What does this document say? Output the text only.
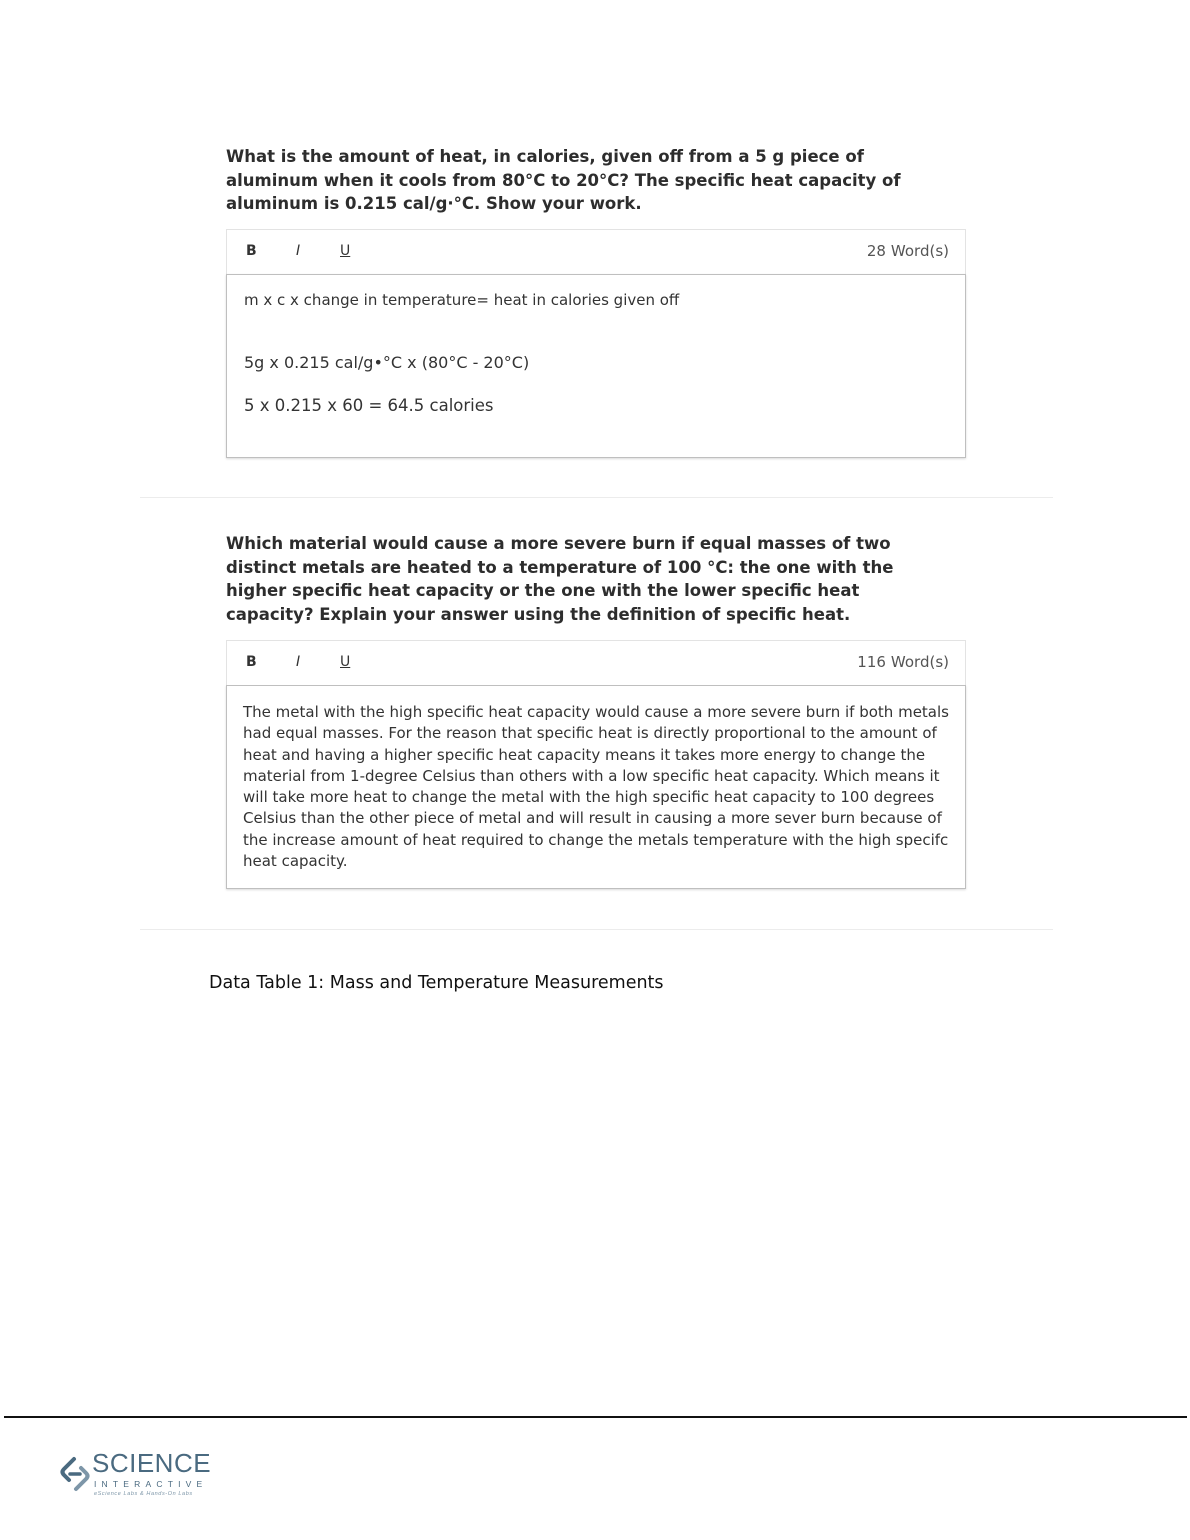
What is the amount of heat, in calories, given off from a 5 g piece of aluminum when it cools from 80°C to 20°C? The specific heat capacity of aluminum is 0.215 cal/g·°C. Show your work.
B	I	U	28 Word(s)
m x c x change in temperature= heat in calories given off
5g x 0.215 cal/g•°C x (80°C - 20°C)
5 x 0.215 x 60 = 64.5 calories
Which material would cause a more severe burn if equal masses of two distinct metals are heated to a temperature of 100 °C: the one with the higher specific heat capacity or the one with the lower specific heat capacity? Explain your answer using the definition of specific heat.
B	I	U	116 Word(s)
The metal with the high specific heat capacity would cause a more severe burn if both metals had equal masses. For the reason that specific heat is directly proportional to the amount of heat and having a higher specific heat capacity means it takes more energy to change the material from 1-degree Celsius than others with a low specific heat capacity. Which means it will take more heat to change the metal with the high specific heat capacity to 100 degrees Celsius than the other piece of metal and will result in causing a more sever burn because of the increase amount of heat required to change the metals temperature with the high specifc heat capacity.
Data Table 1: Mass and Temperature Measurements
SCIENCE
INTERACTIVE
eScience Labs & Hands-On Labs
